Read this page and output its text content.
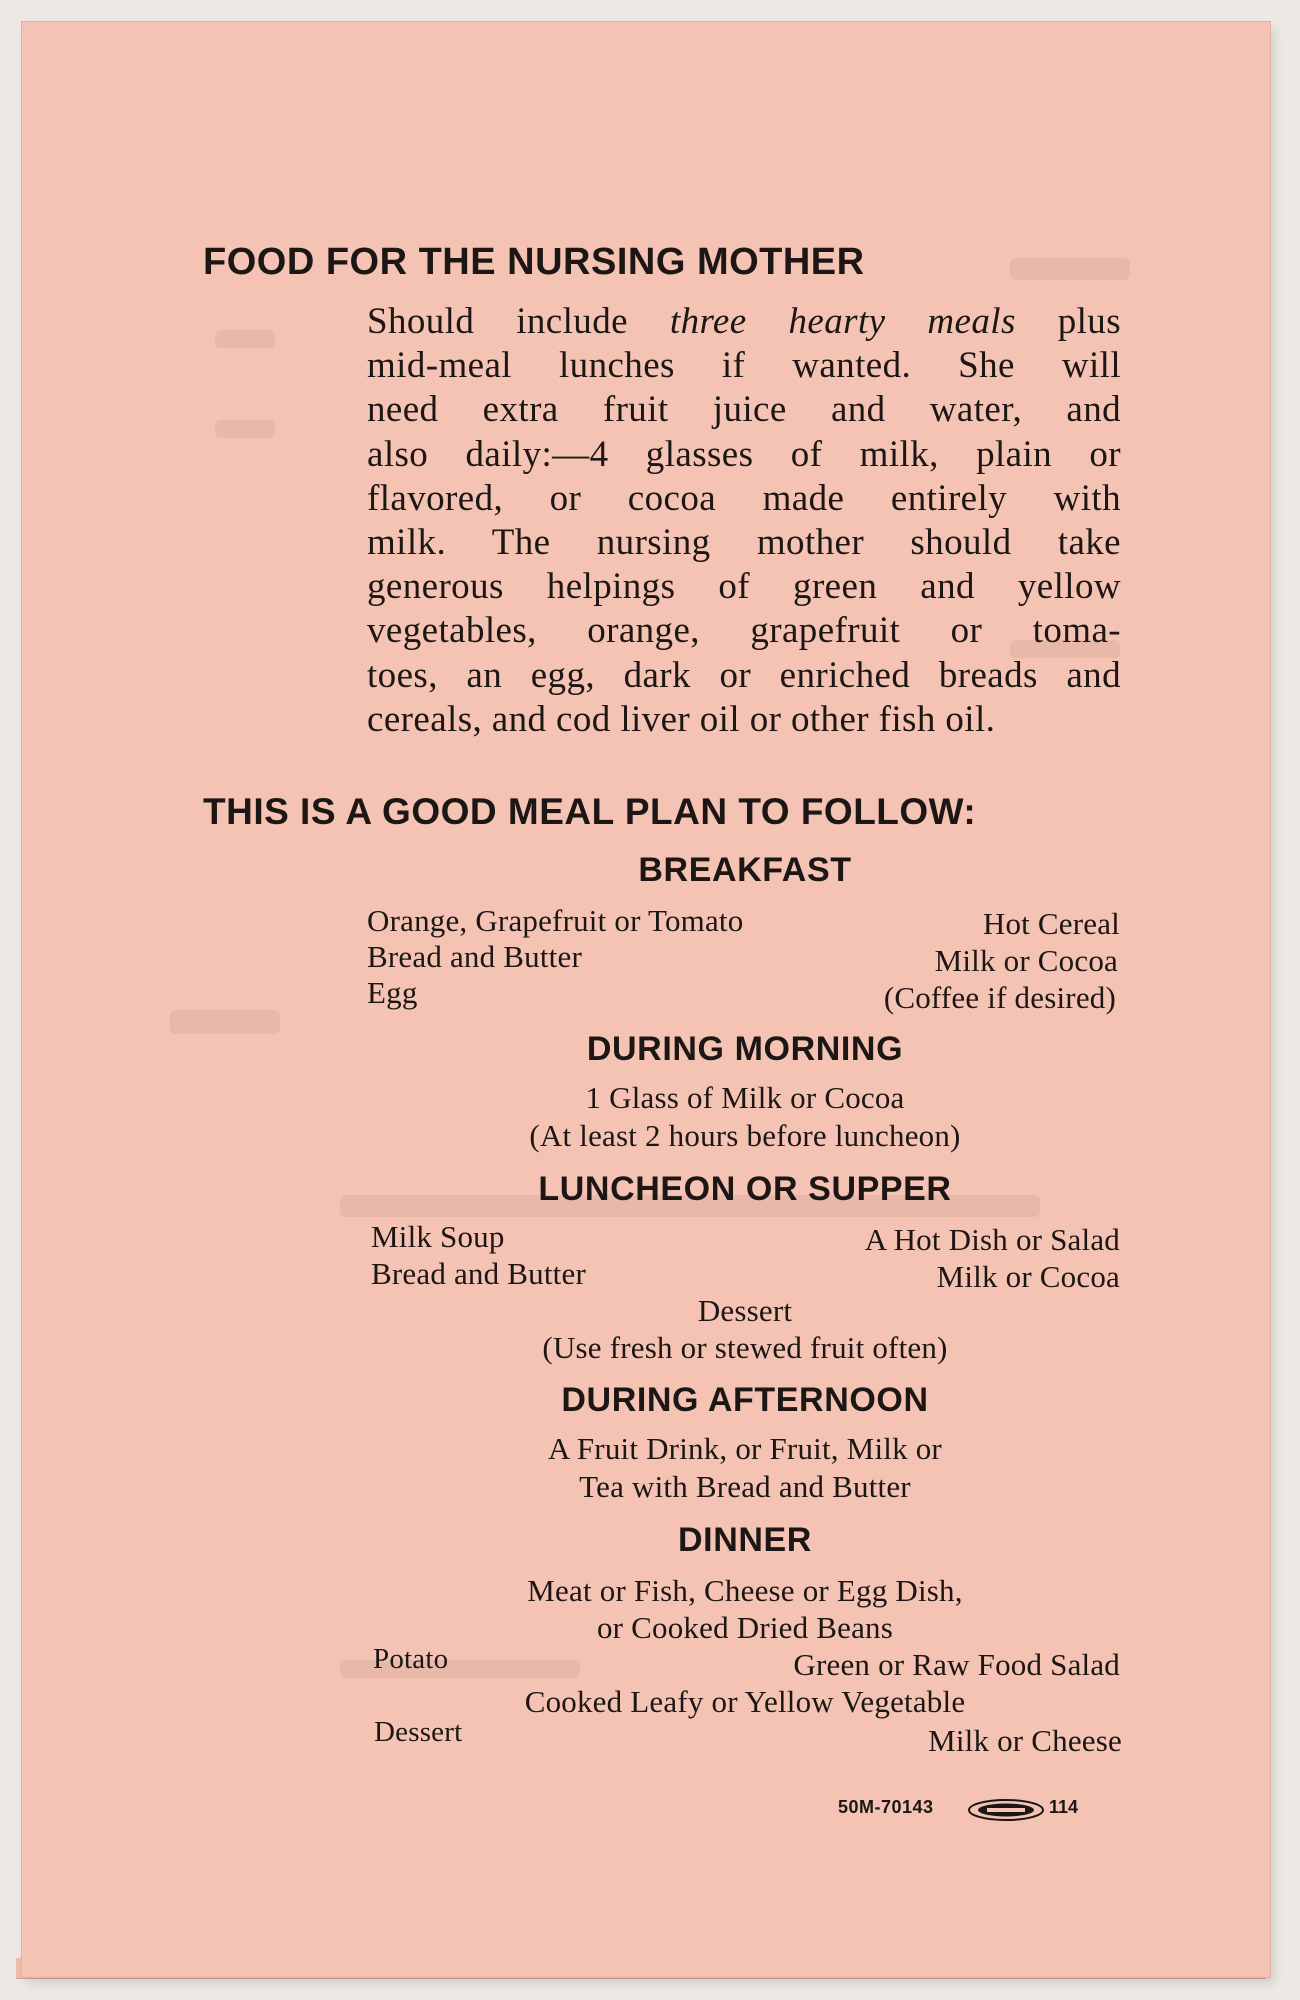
FOOD FOR THE NURSING MOTHER
Should include three hearty meals plus
mid-meal lunches if wanted. She will
need extra fruit juice and water, and
also daily:—4 glasses of milk, plain or
flavored, or cocoa made entirely with
milk. The nursing mother should take
generous helpings of green and yellow
vegetables, orange, grapefruit or toma-
toes, an egg, dark or enriched breads and
cereals, and cod liver oil or other fish oil.
THIS IS A GOOD MEAL PLAN TO FOLLOW:
BREAKFAST
Orange, Grapefruit or Tomato
Bread and Butter
Egg
Hot Cereal
Milk or Cocoa
(Coffee if desired)
DURING MORNING
1 Glass of Milk or Cocoa
(At least 2 hours before luncheon)
LUNCHEON OR SUPPER
Milk Soup
Bread and Butter
A Hot Dish or Salad
Milk or Cocoa
Dessert
(Use fresh or stewed fruit often)
DURING AFTERNOON
A Fruit Drink, or Fruit, Milk or
Tea with Bread and Butter
DINNER
Meat or Fish, Cheese or Egg Dish,
or Cooked Dried Beans
Potato	Green or Raw Food Salad
Cooked Leafy or Yellow Vegetable
Dessert	Milk or Cheese
50M-70143	114
